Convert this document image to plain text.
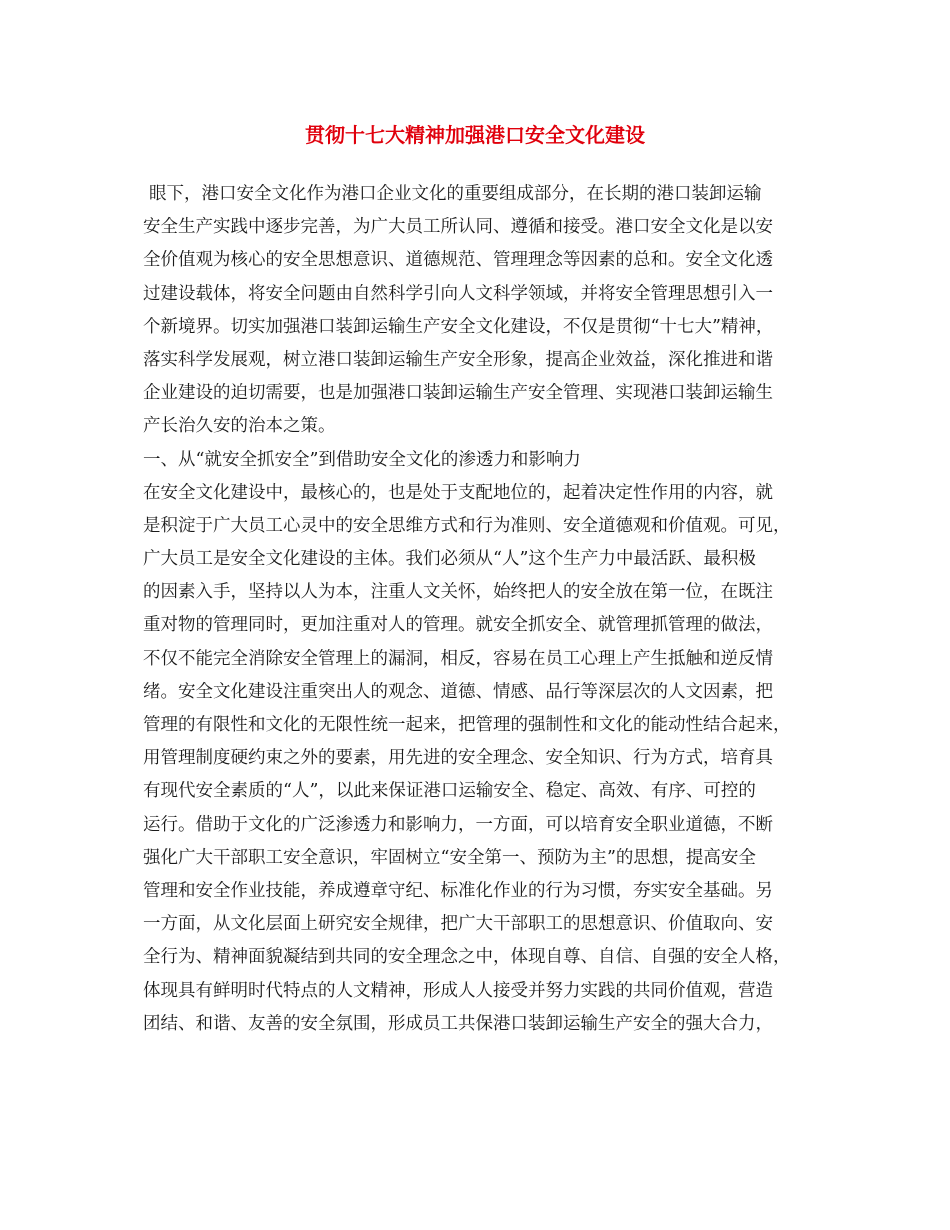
贯彻十七大精神加强港口安全文化建设
眼下，港口安全文化作为港口企业文化的重要组成部分，在长期的港口装卸运输
安全生产实践中逐步完善，为广大员工所认同、遵循和接受。港口安全文化是以安
全价值观为核心的安全思想意识、道德规范、管理理念等因素的总和。安全文化透
过建设载体，将安全问题由自然科学引向人文科学领域，并将安全管理思想引入一
个新境界。切实加强港口装卸运输生产安全文化建设，不仅是贯彻“十七大”精神，
落实科学发展观，树立港口装卸运输生产安全形象，提高企业效益，深化推进和谐
企业建设的迫切需要，也是加强港口装卸运输生产安全管理、实现港口装卸运输生
产长治久安的治本之策。
一、从“就安全抓安全”到借助安全文化的渗透力和影响力
在安全文化建设中，最核心的，也是处于支配地位的，起着决定性作用的内容，就
是积淀于广大员工心灵中的安全思维方式和行为准则、安全道德观和价值观。可见，
广大员工是安全文化建设的主体。我们必须从“人”这个生产力中最活跃、最积极
的因素入手，坚持以人为本，注重人文关怀，始终把人的安全放在第一位，在既注
重对物的管理同时，更加注重对人的管理。就安全抓安全、就管理抓管理的做法，
不仅不能完全消除安全管理上的漏洞，相反，容易在员工心理上产生抵触和逆反情
绪。安全文化建设注重突出人的观念、道德、情感、品行等深层次的人文因素，把
管理的有限性和文化的无限性统一起来，把管理的强制性和文化的能动性结合起来，
用管理制度硬约束之外的要素，用先进的安全理念、安全知识、行为方式，培育具
有现代安全素质的“人”，以此来保证港口运输安全、稳定、高效、有序、可控的
运行。借助于文化的广泛渗透力和影响力，一方面，可以培育安全职业道德，不断
强化广大干部职工安全意识，牢固树立“安全第一、预防为主”的思想，提高安全
管理和安全作业技能，养成遵章守纪、标准化作业的行为习惯，夯实安全基础。另
一方面，从文化层面上研究安全规律，把广大干部职工的思想意识、价值取向、安
全行为、精神面貌凝结到共同的安全理念之中，体现自尊、自信、自强的安全人格，
体现具有鲜明时代特点的人文精神，形成人人接受并努力实践的共同价值观，营造
团结、和谐、友善的安全氛围，形成员工共保港口装卸运输生产安全的强大合力，
